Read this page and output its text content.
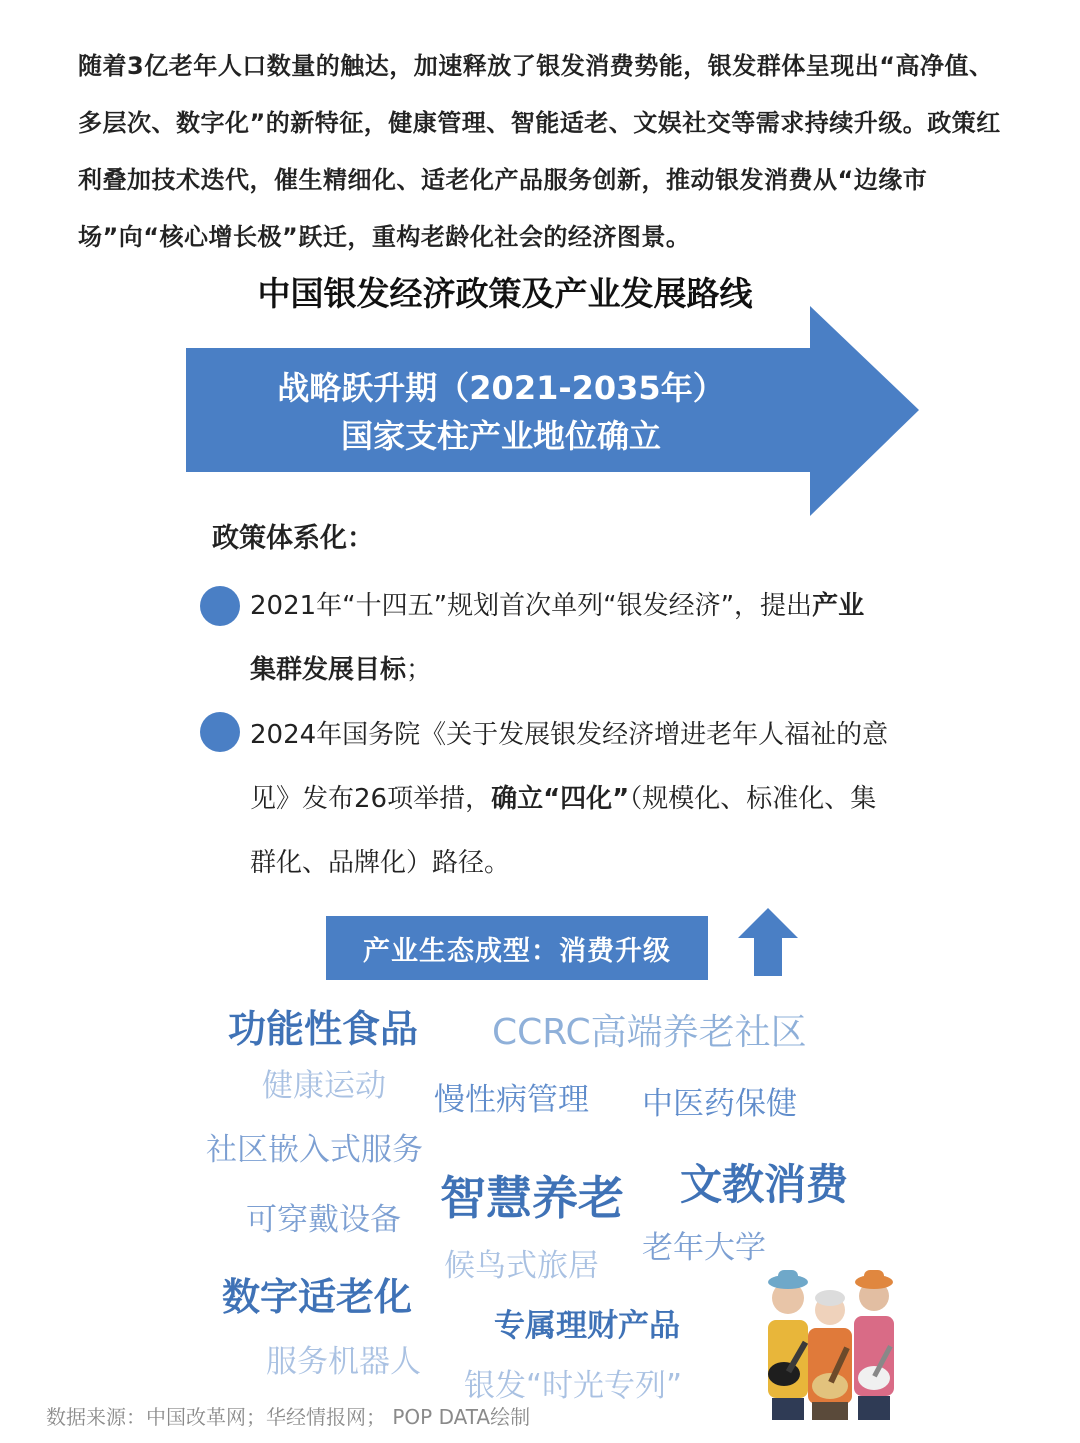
随着3亿老年人口数量的触达，加速释放了银发消费势能，银发群体呈现出“高净值、多层次、数字化”的新特征，健康管理、智能适老、文娱社交等需求持续升级。政策红利叠加技术迭代，催生精细化、适老化产品服务创新，推动银发消费从“边缘市场”向“核心增长极”跃迁，重构老龄化社会的经济图景。
中国银发经济政策及产业发展路线
战略跃升期（2021-2035年）
国家支柱产业地位确立
政策体系化：
2021年“十四五”规划首次单列“银发经济”，提出产业集群发展目标；
2024年国务院《关于发展银发经济增进老年人福祉的意见》发布26项举措，确立“四化”（规模化、标准化、集群化、品牌化）路径。
产业生态成型：消费升级
功能性食品 CCRC高端养老社区
健康运动 慢性病管理 中医药保健
社区嵌入式服务
智慧养老 文教消费
可穿戴设备
候鸟式旅居 老年大学
数字适老化
专属理财产品
服务机器人
银发“时光专列”
数据来源：中国改革网；华经情报网； POP DATA绘制
